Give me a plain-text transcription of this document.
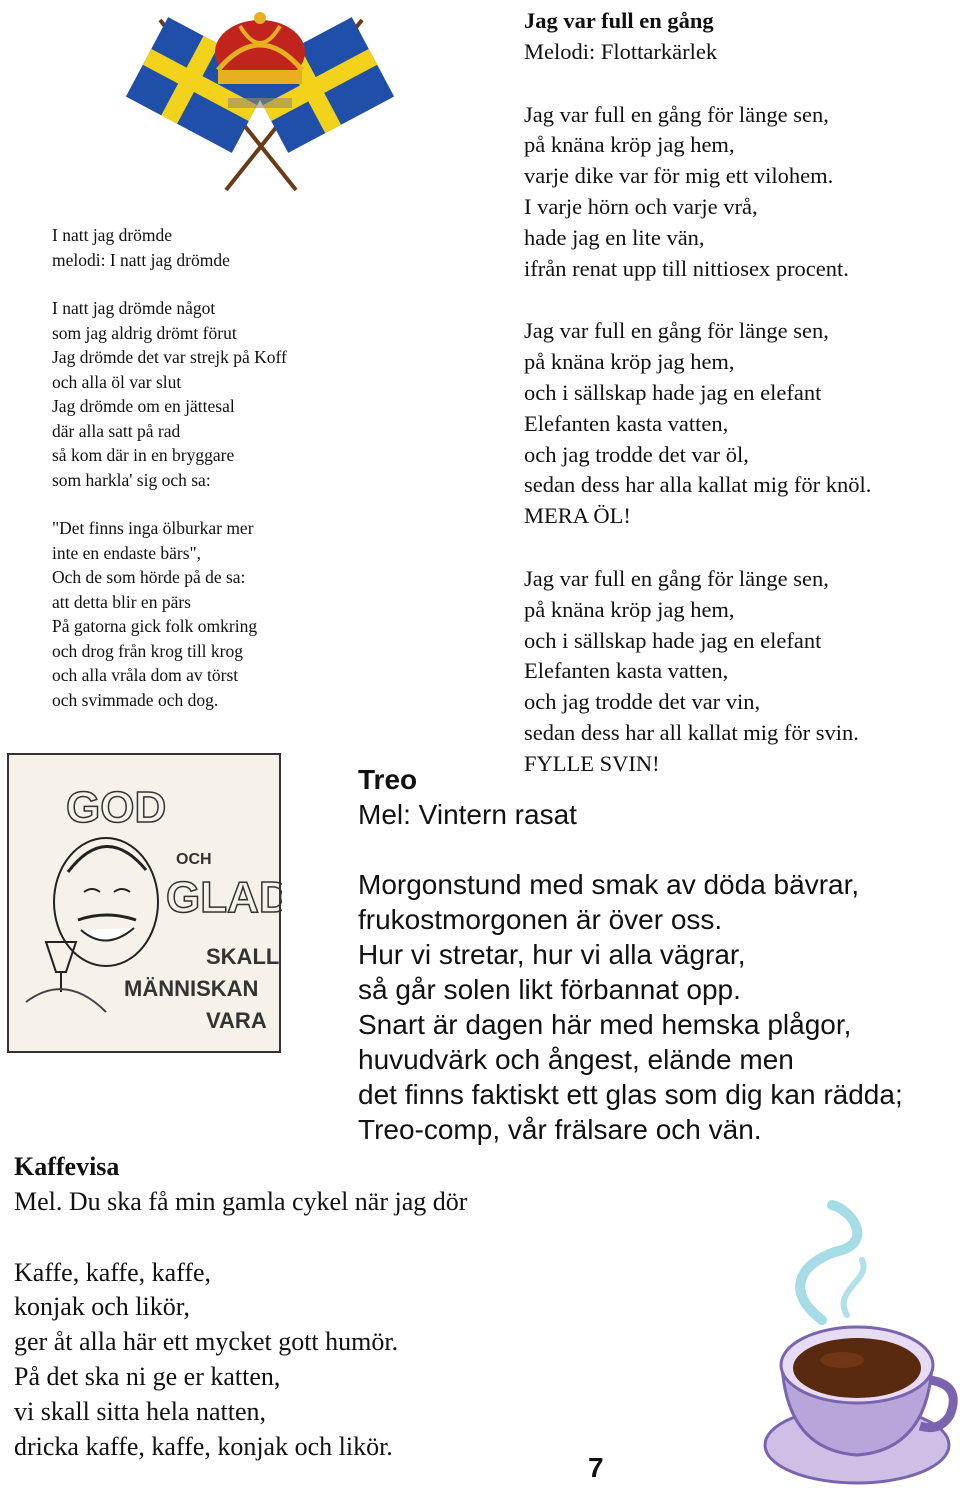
I natt jag drömde
melodi: I natt jag drömde
I natt jag drömde något
som jag aldrig drömt förut
Jag drömde det var strejk på Koff
och alla öl var slut
Jag drömde om en jättesal
där alla satt på rad
så kom där in en bryggare
som harkla' sig och sa:
"Det finns inga ölburkar mer
inte en endaste bärs",
Och de som hörde på de sa:
att detta blir en pärs
På gatorna gick folk omkring
och drog från krog till krog
och alla vråla dom av törst
och svimmade och dog.
Jag var full en gång
Melodi: Flottarkärlek
Jag var full en gång för länge sen,
på knäna kröp jag hem,
varje dike var för mig ett vilohem.
I varje hörn och varje vrå,
hade jag en lite vän,
ifrån renat upp till nittiosex procent.
Jag var full en gång för länge sen,
på knäna kröp jag hem,
och i sällskap hade jag en elefant
Elefanten kasta vatten,
och jag trodde det var öl,
sedan dess har alla kallat mig för knöl.
MERA ÖL!
Jag var full en gång för länge sen,
på knäna kröp jag hem,
och i sällskap hade jag en elefant
Elefanten kasta vatten,
och jag trodde det var vin,
sedan dess har all kallat mig för svin.
FYLLE SVIN!
GOD
OCH
GLAD
SKALL
MÄNNISKAN
VARA
Treo
Mel: Vintern rasat
Morgonstund med smak av döda bävrar,
frukostmorgonen är över oss.
Hur vi stretar, hur vi alla vägrar,
så går solen likt förbannat opp.
Snart är dagen här med hemska plågor,
huvudvärk och ångest, elände men
det finns faktiskt ett glas som dig kan rädda;
Treo-comp, vår frälsare och vän.
Kaffevisa
Mel. Du ska få min gamla cykel när jag dör
Kaffe, kaffe, kaffe,
konjak och likör,
ger åt alla här ett mycket gott humör.
På det ska ni ge er katten,
vi skall sitta hela natten,
dricka kaffe, kaffe, konjak och likör.
7
